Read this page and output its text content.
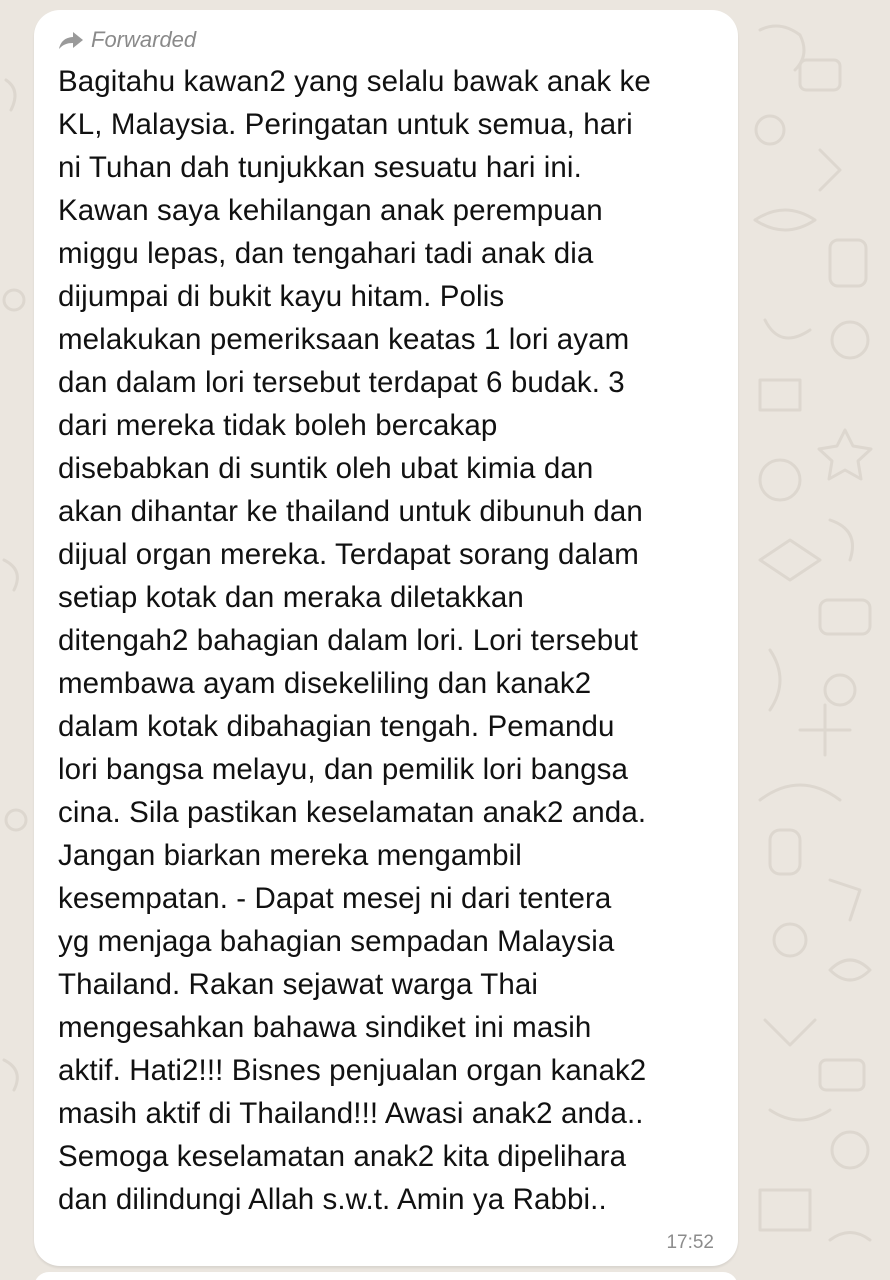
Forwarded
Bagitahu kawan2 yang selalu bawak anak ke
KL, Malaysia. Peringatan untuk semua, hari
ni Tuhan dah tunjukkan sesuatu hari ini.
Kawan saya kehilangan anak perempuan
miggu lepas, dan tengahari tadi anak dia
dijumpai di bukit kayu hitam. Polis
melakukan pemeriksaan keatas 1 lori ayam
dan dalam lori tersebut terdapat 6 budak. 3
dari mereka tidak boleh bercakap
disebabkan di suntik oleh ubat kimia dan
akan dihantar ke thailand untuk dibunuh dan
dijual organ mereka. Terdapat sorang dalam
setiap kotak dan meraka diletakkan
ditengah2 bahagian dalam lori. Lori tersebut
membawa ayam disekeliling dan kanak2
dalam kotak dibahagian tengah. Pemandu
lori bangsa melayu, dan pemilik lori bangsa
cina. Sila pastikan keselamatan anak2 anda.
Jangan biarkan mereka mengambil
kesempatan. - Dapat mesej ni dari tentera
yg menjaga bahagian sempadan Malaysia
Thailand. Rakan sejawat warga Thai
mengesahkan bahawa sindiket ini masih
aktif. Hati2!!! Bisnes penjualan organ kanak2
masih aktif di Thailand!!! Awasi anak2 anda..
Semoga keselamatan anak2 kita dipelihara
dan dilindungi Allah s.w.t. Amin ya Rabbi..
17:52
